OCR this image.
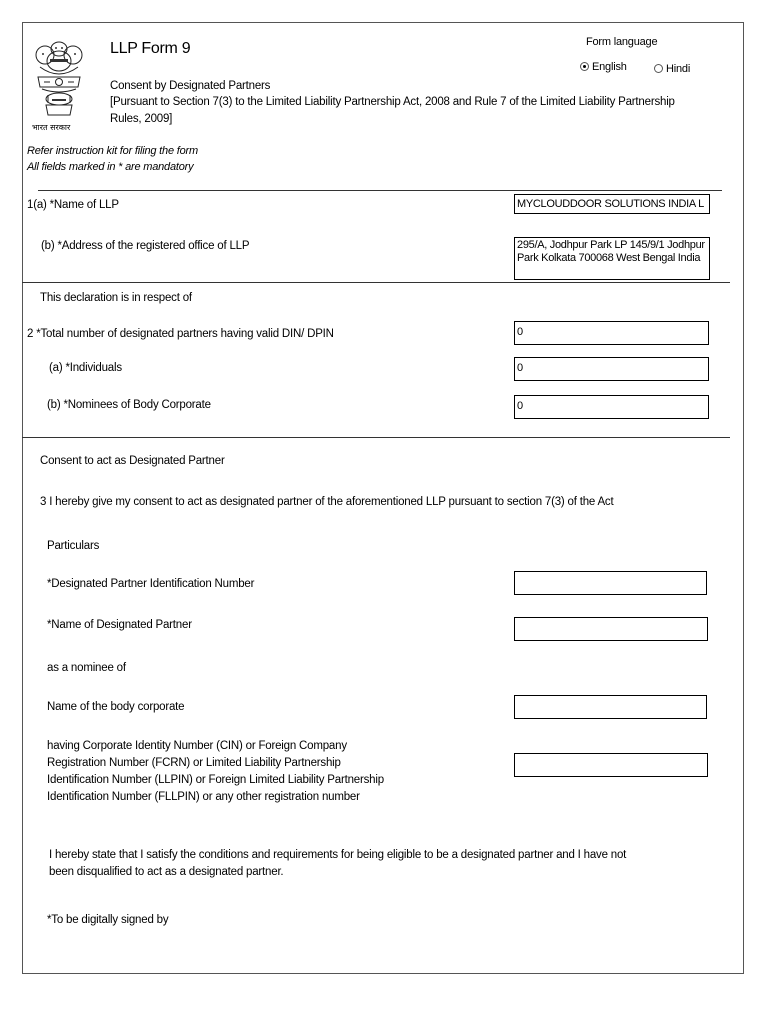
भारत सरकार
LLP Form 9
Consent by Designated Partners
[Pursuant to Section 7(3) to the Limited Liability Partnership Act, 2008 and Rule 7 of the Limited Liability Partnership
Rules, 2009]
Form language
English	Hindi
Refer instruction kit for filing the form
All fields marked in * are mandatory
1(a) *Name of LLP	MYCLOUDDOOR SOLUTIONS INDIA L
(b) *Address of the registered office of LLP	295/A, Jodhpur Park LP 145/9/1 Jodhpur Park Kolkata 700068 West Bengal India
This declaration is in respect of
2 *Total number of designated partners having valid DIN/ DPIN	0
(a) *Individuals	0
(b) *Nominees of Body Corporate	0
Consent to act as Designated Partner
3 I hereby give my consent to act as designated partner of the aforementioned LLP pursuant to section 7(3) of the Act
Particulars
*Designated Partner Identification Number
*Name of Designated Partner
as a nominee of
Name of the body corporate
having Corporate Identity Number (CIN) or Foreign Company
Registration Number (FCRN) or Limited Liability Partnership
Identification Number (LLPIN) or Foreign Limited Liability Partnership
Identification Number (FLLPIN) or any other registration number
I hereby state that I satisfy the conditions and requirements for being eligible to be a designated partner and I have not
been disqualified to act as a designated partner.
*To be digitally signed by
